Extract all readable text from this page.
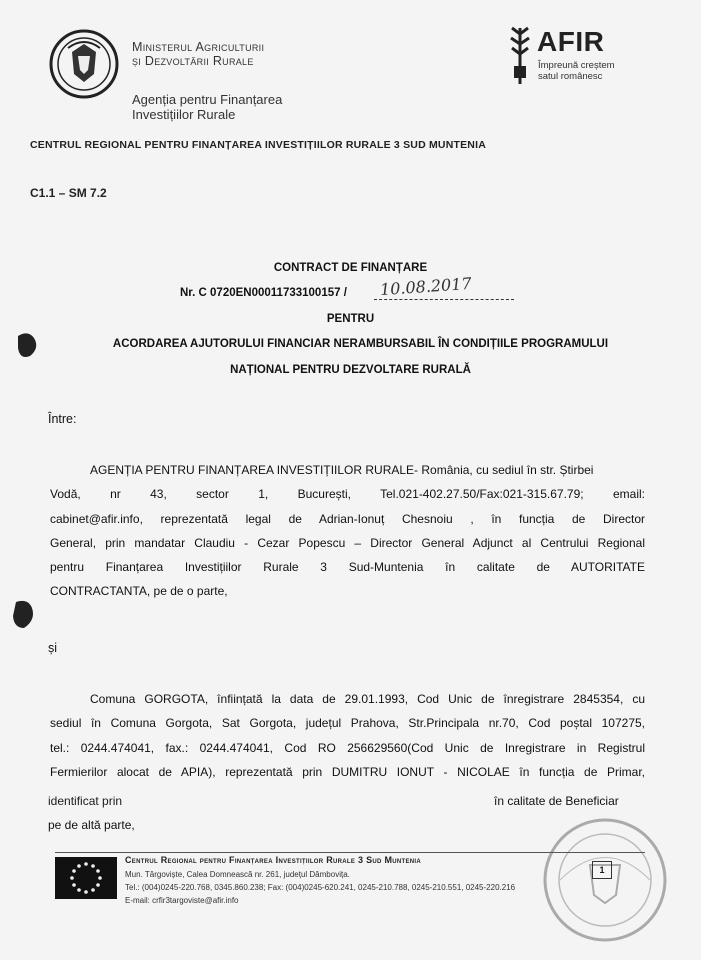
Ministerul Agriculturii
și Dezvoltării Rurale
Agenția pentru Finanțarea
Investițiilor Rurale
AFIR
Împreună creștem
satul românesc
CENTRUL REGIONAL PENTRU FINANȚAREA INVESTIȚIILOR RURALE 3 SUD MUNTENIA
C1.1 – SM 7.2
CONTRACT DE FINANȚARE
Nr. C 0720EN00011733100157 / 10.08.2017
PENTRU
ACORDAREA AJUTORULUI FINANCIAR NERAMBURSABIL ÎN CONDIȚIILE PROGRAMULUI
NAȚIONAL PENTRU DEZVOLTARE RURALĂ
Între:
AGENȚIA PENTRU FINANȚAREA INVESTIȚIILOR RURALE- România, cu sediul în str. Știrbei
Vodă, nr 43, sector 1, București, Tel.021-402.27.50/Fax:021-315.67.79; email:
cabinet@afir.info, reprezentată legal de Adrian-Ionuț Chesnoiu , în funcția de Director
General, prin mandatar Claudiu - Cezar Popescu – Director General Adjunct al Centrului Regional
pentru Finanțarea Investițiilor Rurale 3 Sud-Muntenia în calitate de AUTORITATE
CONTRACTANTA, pe de o parte,
și
Comuna GORGOTA, înființată la data de 29.01.1993, Cod Unic de înregistrare 2845354, cu
sediul în Comuna Gorgota, Sat Gorgota, județul Prahova, Str.Principala nr.70, Cod poștal 107275,
tel.: 0244.474041, fax.: 0244.474041, Cod RO 256629560(Cod Unic de Inregistrare in Registrul
Fermierilor alocat de APIA), reprezentată prin DUMITRU IONUT - NICOLAE în funcția de Primar,
identificat prin	în calitate de Beneficiar
pe de altă parte,
Centrul Regional pentru Finanțarea Investițiilor Rurale 3 Sud Muntenia
Mun. Târgoviște, Calea Domnească nr. 261, județul Dâmbovița.
Tel.: (004)0245-220.768, 0345.860.238; Fax: (004)0245-620.241, 0245-210.788, 0245-210.551, 0245-220.216
E-mail: crfir3targoviste@afir.info
1
